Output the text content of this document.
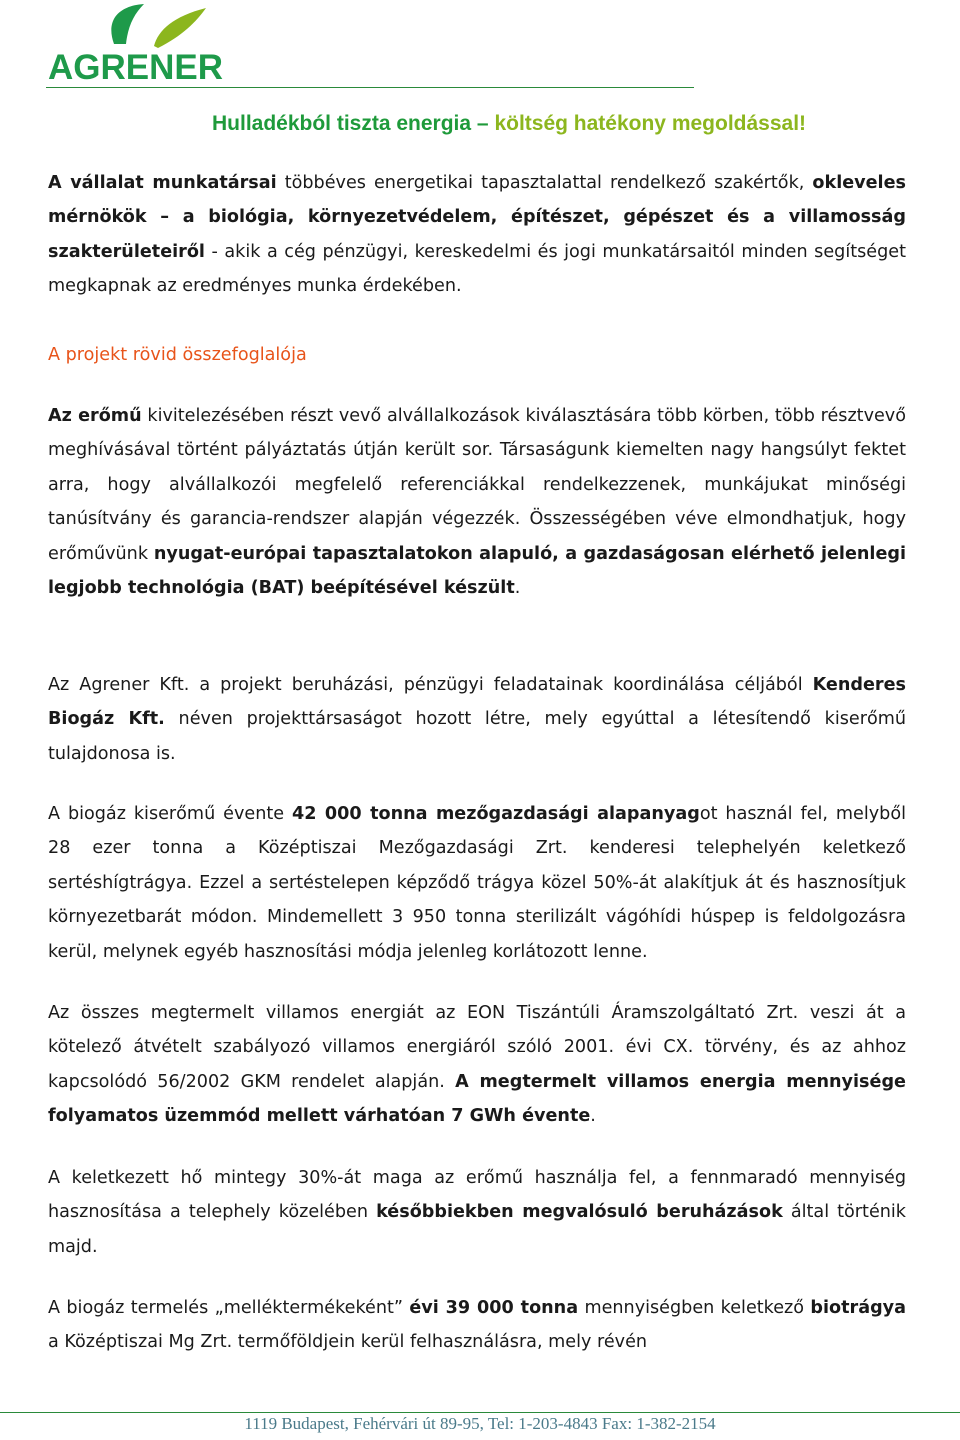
AGRENER
Hulladékból tiszta energia – költség hatékony megoldással!

A vállalat munkatársai többéves energetikai tapasztalattal rendelkező szakértők, okleveles mérnökök – a biológia, környezetvédelem, építészet, gépészet és a villamosság szakterületeiről - akik a cég pénzügyi, kereskedelmi és jogi munkatársaitól minden segítséget megkapnak az eredményes munka érdekében.

A projekt rövid összefoglalója

Az erőmű kivitelezésében részt vevő alvállalkozások kiválasztására több körben, több résztvevő meghívásával történt pályáztatás útján került sor. Társaságunk kiemelten nagy hangsúlyt fektet arra, hogy alvállalkozói megfelelő referenciákkal rendelkezzenek, munkájukat minőségi tanúsítvány és garancia-rendszer alapján végezzék. Összességében véve elmondhatjuk, hogy erőművünk nyugat-európai tapasztalatokon alapuló, a gazdaságosan elérhető jelenlegi legjobb technológia (BAT) beépítésével készült.

Az Agrener Kft. a projekt beruházási, pénzügyi feladatainak koordinálása céljából Kenderes Biogáz Kft. néven projekttársaságot hozott létre, mely egyúttal a létesítendő kiserőmű tulajdonosa is.

A biogáz kiserőmű évente 42 000 tonna mezőgazdasági alapanyagot használ fel, melyből 28 ezer tonna a Középtiszai Mezőgazdasági Zrt. kenderesi telephelyén keletkező sertéshígtrágya. Ezzel a sertéstelepen képződő trágya közel 50%-át alakítjuk át és hasznosítjuk környezetbarát módon. Mindemellett 3 950 tonna sterilizált vágóhídi húspep is feldolgozásra kerül, melynek egyéb hasznosítási módja jelenleg korlátozott lenne.

Az összes megtermelt villamos energiát az EON Tiszántúli Áramszolgáltató Zrt. veszi át a kötelező átvételt szabályozó villamos energiáról szóló 2001. évi CX. törvény, és az ahhoz kapcsolódó 56/2002 GKM rendelet alapján. A megtermelt villamos energia mennyisége folyamatos üzemmód mellett várhatóan 7 GWh évente.

A keletkezett hő mintegy 30%-át maga az erőmű használja fel, a fennmaradó mennyiség hasznosítása a telephely közelében későbbiekben megvalósuló beruházások által történik majd.

A biogáz termelés „melléktermékeként” évi 39 000 tonna mennyiségben keletkező biotrágya a Középtiszai Mg Zrt. termőföldjein kerül felhasználásra, mely révén

1119 Budapest, Fehérvári út 89-95, Tel: 1-203-4843 Fax: 1-382-2154
